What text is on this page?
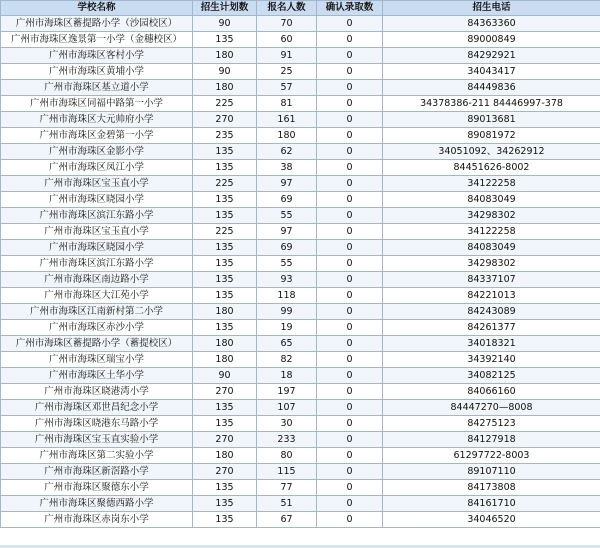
学校名称	招生计划数	报名人数	确认录取数	招生电话
广州市海珠区蓄提路小学（沙园校区）	90	70	0	84363360
广州市海珠区逸景第一小学（金穗校区）	135	60	0	89000849
广州市海珠区客村小学	180	91	0	84292921
广州市海珠区黄埔小学	90	25	0	34043417
广州市海珠区基立道小学	180	57	0	84449836
广州市海珠区同福中路第一小学	225	81	0	34378386-211 84446997-378
广州市海珠区大元帅府小学	270	161	0	89013681
广州市海珠区金碧第一小学	235	180	0	89081972
广州市海珠区金影小学	135	62	0	34051092、34262912
广州市海珠区凤江小学	135	38	0	84451626-8002
广州市海珠区宝玉直小学	225	97	0	34122258
广州市海珠区晓园小学	135	69	0	84083049
广州市海珠区滨江东路小学	135	55	0	34298302
广州市海珠区宝玉直小学	225	97	0	34122258
广州市海珠区晓园小学	135	69	0	84083049
广州市海珠区滨江东路小学	135	55	0	34298302
广州市海珠区南边路小学	135	93	0	84337107
广州市海珠区大江苑小学	135	118	0	84221013
广州市海珠区江南新村第二小学	180	99	0	84243089
广州市海珠区赤沙小学	135	19	0	84261377
广州市海珠区蓄提路小学（蓄提校区）	180	65	0	34018321
广州市海珠区瑞宝小学	180	82	0	34392140
广州市海珠区土华小学	90	18	0	34082125
广州市海珠区晓港湾小学	270	197	0	84066160
广州市海珠区邓世昌纪念小学	135	107	0	84447270—8008
广州市海珠区晓港东马路小学	135	30	0	84275123
广州市海珠区宝玉直实验小学	270	233	0	84127918
广州市海珠区第二实验小学	180	80	0	61297722-8003
广州市海珠区新滘路小学	270	115	0	89107110
广州市海珠区聚德东小学	135	77	0	84173808
广州市海珠区聚德西路小学	135	51	0	84161710
广州市海珠区赤岗东小学	135	67	0	34046520
